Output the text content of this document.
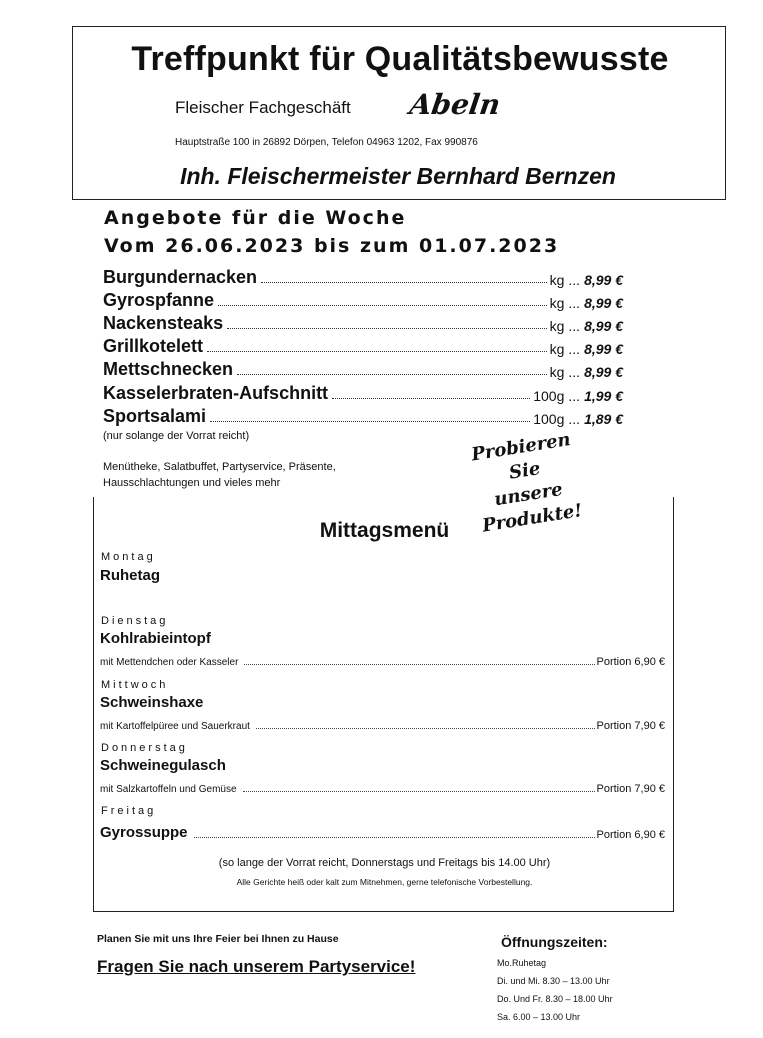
Treffpunkt für Qualitätsbewusste
Fleischer Fachgeschäft Abeln
Hauptstraße 100 in 26892 Dörpen, Telefon 04963 1202, Fax 990876
Inh. Fleischermeister Bernhard Bernzen
Angebote für die Woche
Vom 26.06.2023 bis zum 01.07.2023
Burgundernacken	kg ... 8,99 €
Gyrospfanne	kg ... 8,99 €
Nackensteaks	kg ... 8,99 €
Grillkotelett	kg ... 8,99 €
Mettschnecken	kg ... 8,99 €
Kasselerbraten-Aufschnitt	100g ... 1,99 €
Sportsalami	100g ... 1,89 €
(nur solange der Vorrat reicht)
Menütheke, Salatbuffet, Partyservice, Präsente,
Hausschlachtungen und vieles mehr
Probieren Sie
unsere Produkte!
Mittagsmenü
Montag
Ruhetag
Dienstag
Kohlrabieintopf
mit Mettendchen oder Kasseler	Portion 6,90 €
Mittwoch
Schweinshaxe
mit Kartoffelpüree und Sauerkraut	Portion 7,90 €
Donnerstag
Schweinegulasch
mit Salzkartoffeln und Gemüse	Portion 7,90 €
Freitag
Gyrossuppe	Portion 6,90 €
(so lange der Vorrat reicht, Donnerstags und Freitags bis 14.00 Uhr)
Alle Gerichte heiß oder kalt zum Mitnehmen, gerne telefonische Vorbestellung.
Planen Sie mit uns Ihre Feier bei Ihnen zu Hause
Fragen Sie nach unserem Partyservice!
Öffnungszeiten:
Mo.Ruhetag
Di. und Mi. 8.30 – 13.00 Uhr
Do. Und Fr. 8.30 – 18.00 Uhr
Sa. 6.00 – 13.00 Uhr
